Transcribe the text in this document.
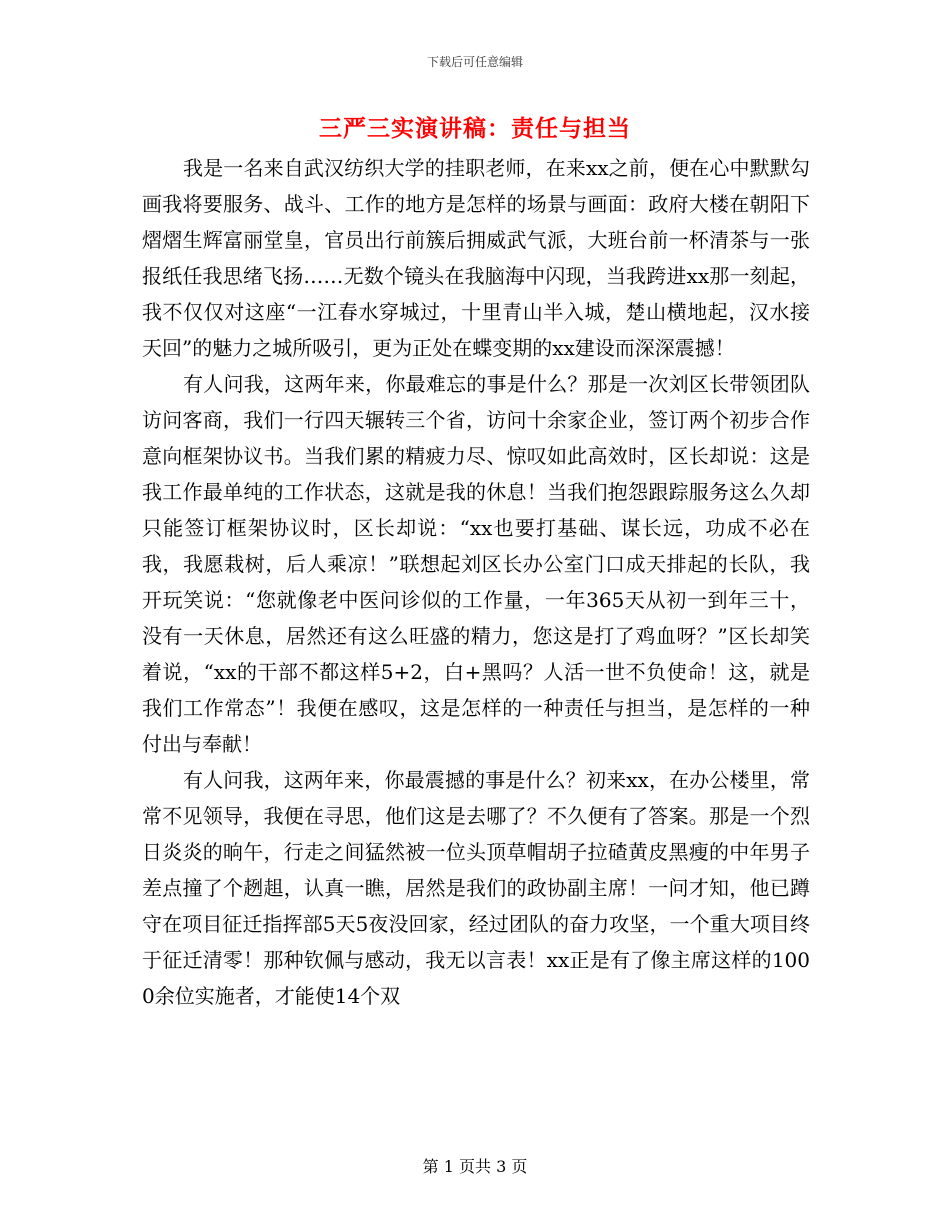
下载后可任意编辑
三严三实演讲稿：责任与担当

我是一名来自武汉纺织大学的挂职老师，在来xx之前，便在心中默默勾画我将要服务、战斗、工作的地方是怎样的场景与画面：政府大楼在朝阳下熠熠生辉富丽堂皇，官员出行前簇后拥威武气派，大班台前一杯清茶与一张报纸任我思绪飞扬……无数个镜头在我脑海中闪现，当我跨进xx那一刻起，我不仅仅对这座“一江春水穿城过，十里青山半入城，楚山横地起，汉水接天回”的魅力之城所吸引，更为正处在蝶变期的xx建设而深深震撼！

有人问我，这两年来，你最难忘的事是什么？那是一次刘区长带领团队访问客商，我们一行四天辗转三个省，访问十余家企业，签订两个初步合作意向框架协议书。当我们累的精疲力尽、惊叹如此高效时，区长却说：这是我工作最单纯的工作状态，这就是我的休息！当我们抱怨跟踪服务这么久却只能签订框架协议时，区长却说：“xx也要打基础、谋长远，功成不必在我，我愿栽树，后人乘凉！”联想起刘区长办公室门口成天排起的长队，我开玩笑说：“您就像老中医问诊似的工作量，一年365天从初一到年三十，没有一天休息，居然还有这么旺盛的精力，您这是打了鸡血呀？”区长却笑着说，“xx的干部不都这样5+2，白+黑吗？人活一世不负使命！这，就是我们工作常态”！我便在感叹，这是怎样的一种责任与担当，是怎样的一种付出与奉献！

有人问我，这两年来，你最震撼的事是什么？初来xx，在办公楼里，常常不见领导，我便在寻思，他们这是去哪了？不久便有了答案。那是一个烈日炎炎的晌午，行走之间猛然被一位头顶草帽胡子拉碴黄皮黑瘦的中年男子差点撞了个趔趄，认真一瞧，居然是我们的政协副主席！一问才知，他已蹲守在项目征迁指挥部5天5夜没回家，经过团队的奋力攻坚，一个重大项目终于征迁清零！那种钦佩与感动，我无以言表！xx正是有了像主席这样的1000余位实施者，才能使14个双

第 1 页共 3 页
